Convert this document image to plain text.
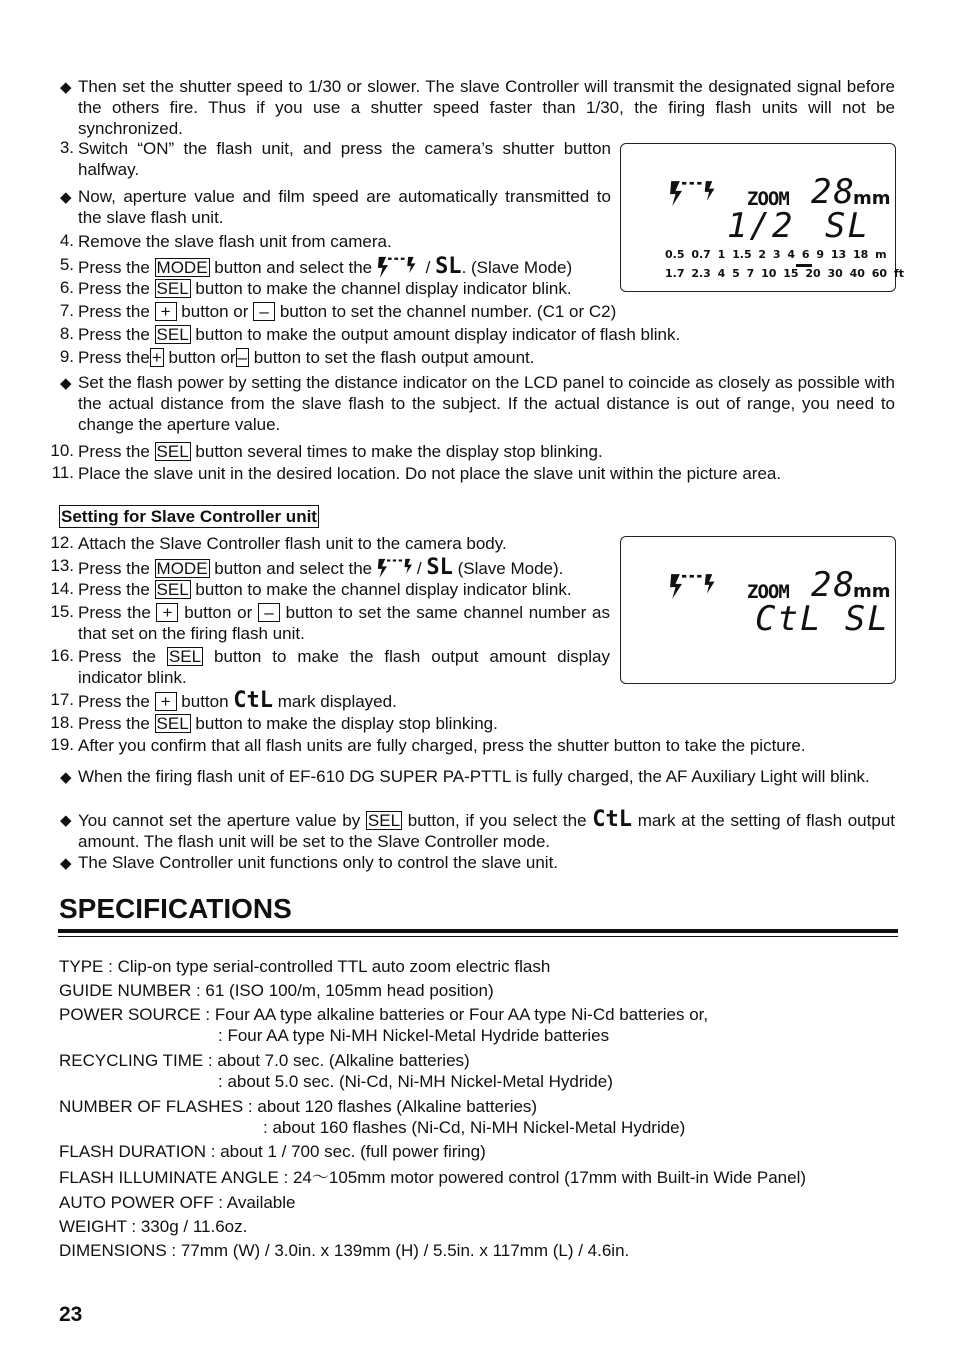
◆ Then set the shutter speed to 1/30 or slower. The slave Controller will transmit the designated signal before the others fire. Thus if you use a shutter speed faster than 1/30, the firing flash units will not be synchronized.
3. Switch “ON” the flash unit, and press the camera’s shutter button halfway.
◆ Now, aperture value and film speed are automatically transmitted to the slave flash unit.
4. Remove the slave flash unit from camera.
5. Press the MODE button and select the	/ SL. (Slave Mode)
6. Press the SEL button to make the channel display indicator blink.
7. Press the + button or – button to set the channel number. (C1 or C2)
8. Press the SEL button to make the output amount display indicator of flash blink.
9. Press the + button or – button to set the flash output amount.
◆ Set the flash power by setting the distance indicator on the LCD panel to coincide as closely as possible with the actual distance from the slave flash to the subject. If the actual distance is out of range, you need to change the aperture value.
10. Press the SEL button several times to make the display stop blinking.
11. Place the slave unit in the desired location. Do not place the slave unit within the picture area.
ZOOM 28
mm
1/2 SL
0.5 0.7 1 1.5 2 3 4 6 9 13 18 m
1.7 2.3 4 5 7 10 15 20 30 40 60 ft
Setting for Slave Controller unit
12. Attach the Slave Controller flash unit to the camera body.
13. Press the MODE button and select the	/ SL (Slave Mode).
14. Press the SEL button to make the channel display indicator blink.
15. Press the + button or – button to set the same channel number as that set on the firing flash unit.
16. Press the SEL button to make the flash output amount display indicator blink.
17. Press the + button CtL mark displayed.
18. Press the SEL button to make the display stop blinking.
19. After you confirm that all flash units are fully charged, press the shutter button to take the picture.
ZOOM 28
mm
CtL SL
◆ When the firing flash unit of EF-610 DG SUPER PA-PTTL is fully charged, the AF Auxiliary Light will blink.
◆ You cannot set the aperture value by SEL button, if you select the CtL mark at the setting of flash output amount. The flash unit will be set to the Slave Controller mode.
◆ The Slave Controller unit functions only to control the slave unit.
SPECIFICATIONS
TYPE : Clip-on type serial-controlled TTL auto zoom electric flash
GUIDE NUMBER : 61 (ISO 100/m, 105mm head position)
POWER SOURCE : Four AA type alkaline batteries or Four AA type Ni-Cd batteries or,
: Four AA type Ni-MH Nickel-Metal Hydride batteries
RECYCLING TIME : about 7.0 sec. (Alkaline batteries)
: about 5.0 sec. (Ni-Cd, Ni-MH Nickel-Metal Hydride)
NUMBER OF FLASHES : about 120 flashes (Alkaline batteries)
: about 160 flashes (Ni-Cd, Ni-MH Nickel-Metal Hydride)
FLASH DURATION : about 1 / 700 sec. (full power firing)
FLASH ILLUMINATE ANGLE : 24～105mm motor powered control (17mm with Built-in Wide Panel)
AUTO POWER OFF : Available
WEIGHT : 330g / 11.6oz.
DIMENSIONS : 77mm (W) / 3.0in. x 139mm (H) / 5.5in. x 117mm (L) / 4.6in.
23
